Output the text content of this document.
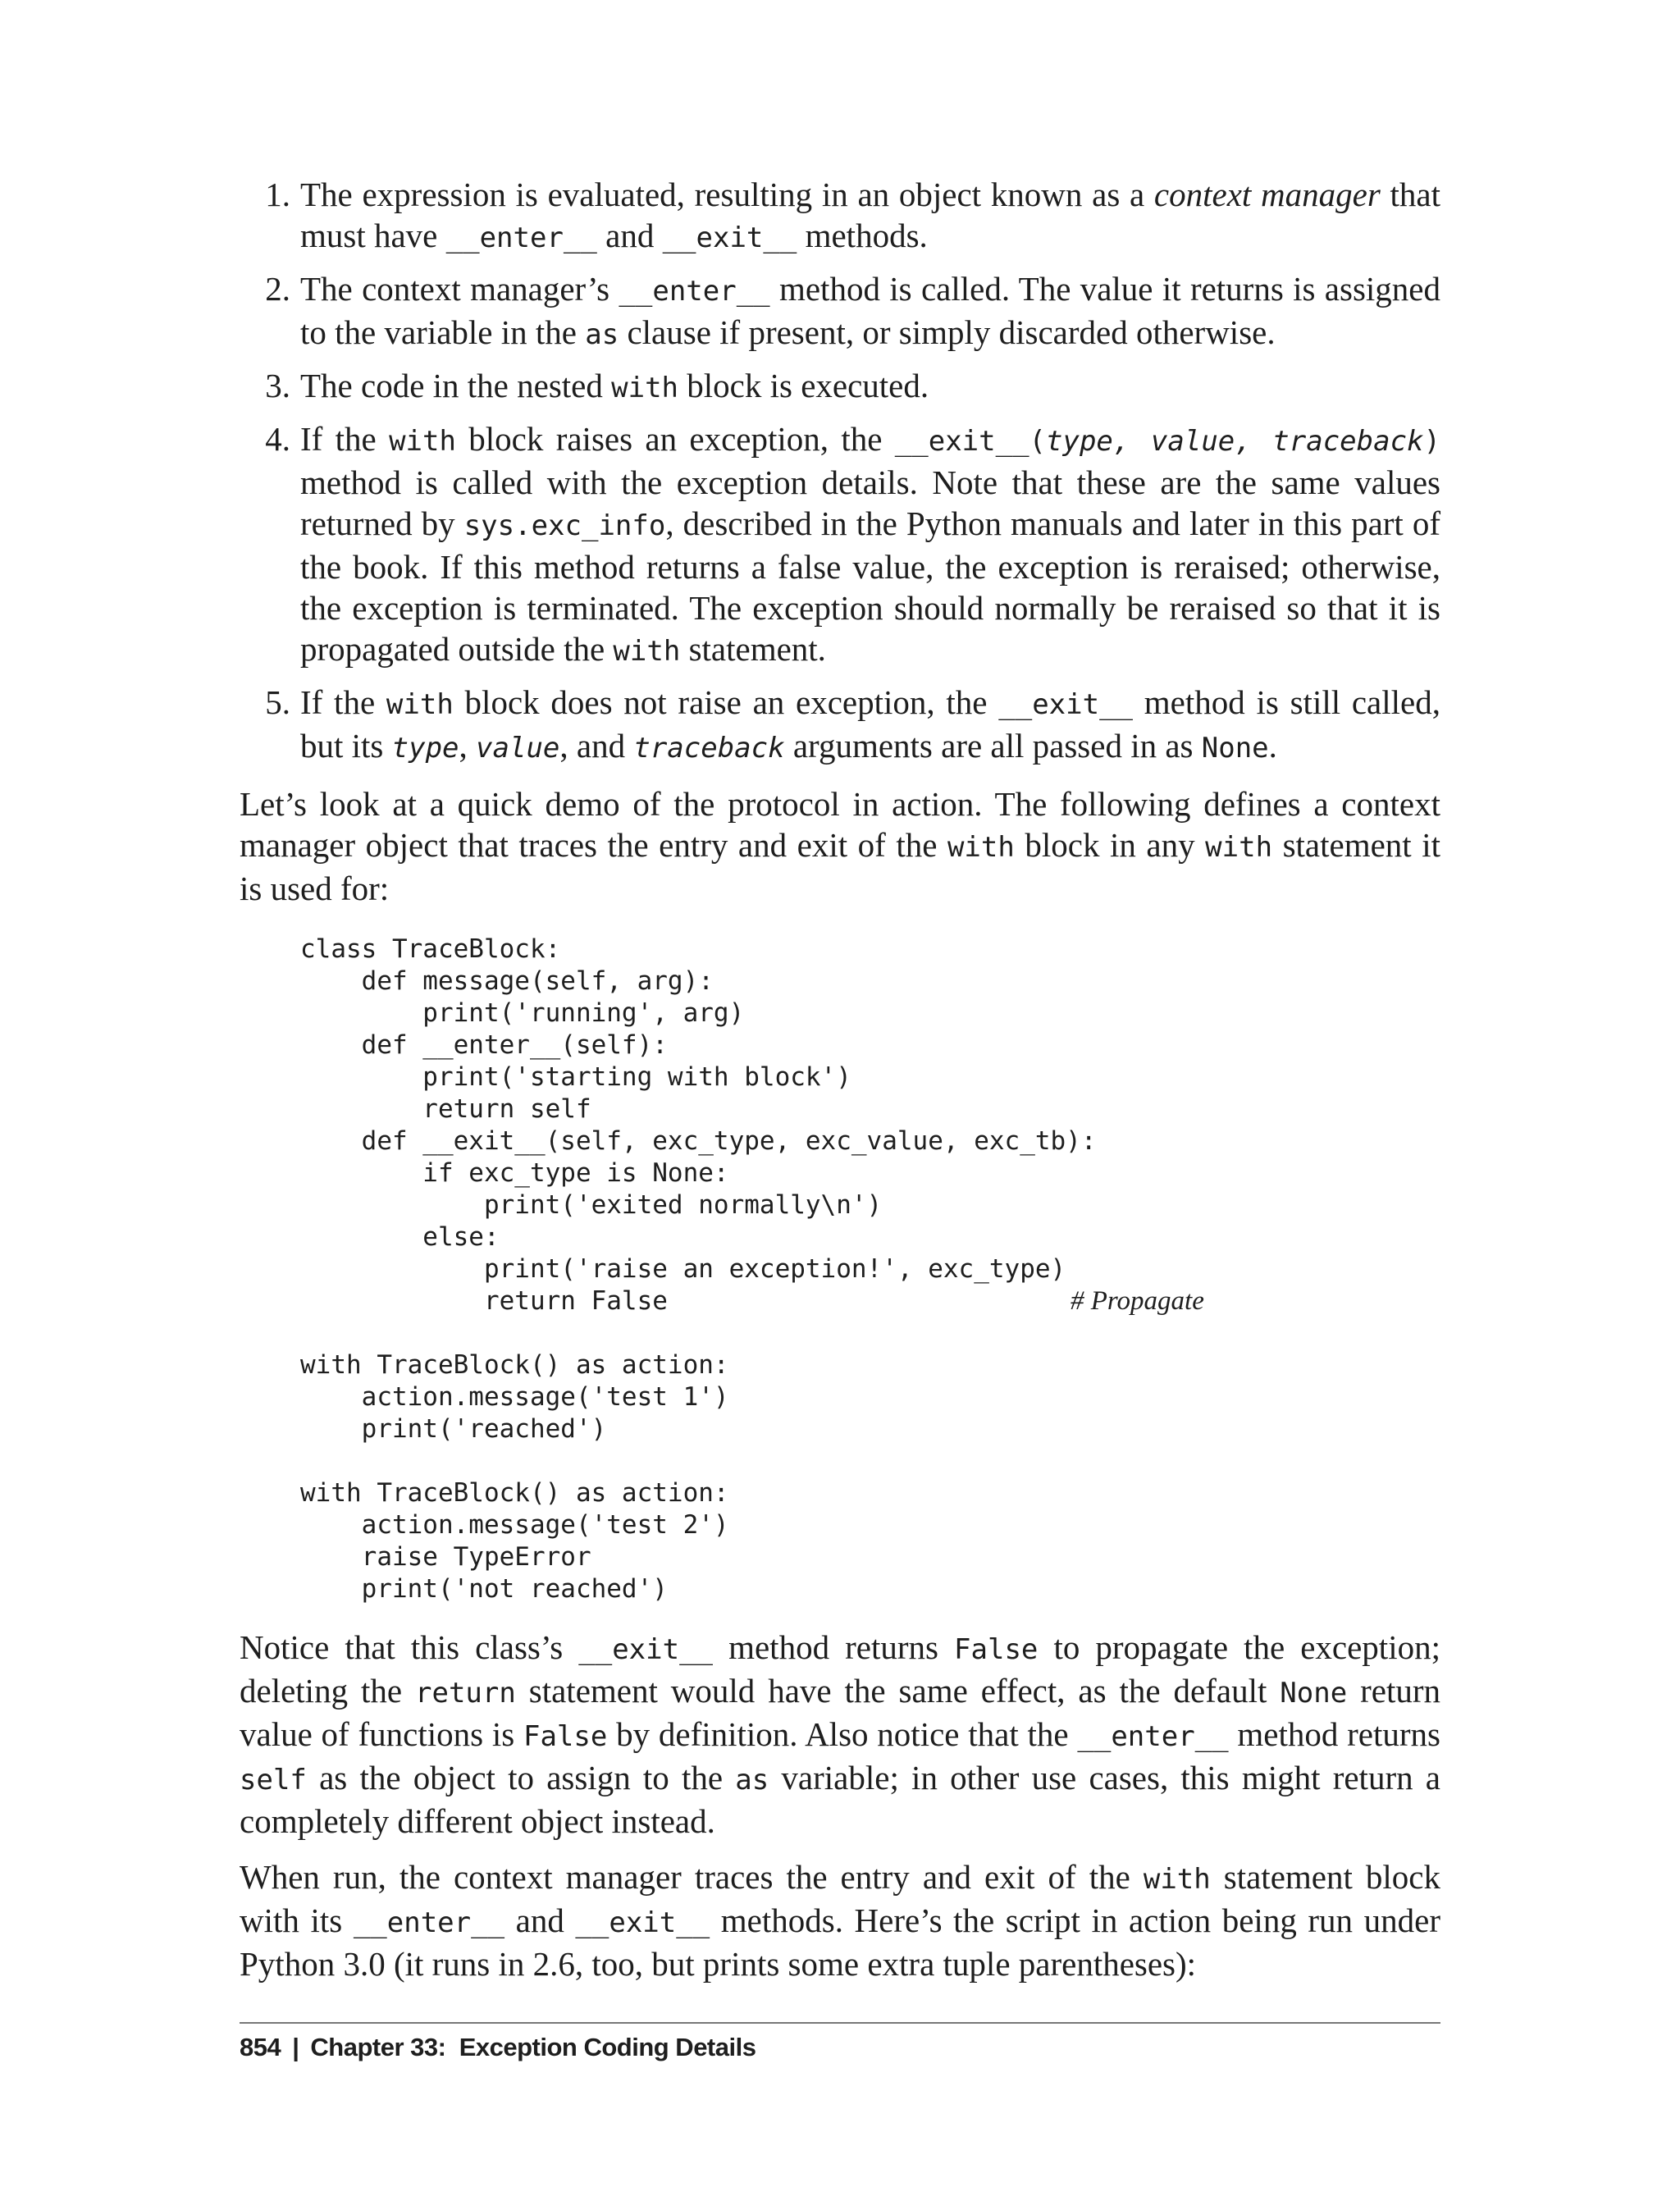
1. The expression is evaluated, resulting in an object known as a context manager that must have __enter__ and __exit__ methods.
2. The context manager’s __enter__ method is called. The value it returns is assigned to the variable in the as clause if present, or simply discarded otherwise.
3. The code in the nested with block is executed.
4. If the with block raises an exception, the __exit__(type, value, traceback) method is called with the exception details. Note that these are the same values returned by sys.exc_info, described in the Python manuals and later in this part of the book. If this method returns a false value, the exception is reraised; otherwise, the exception is terminated. The exception should normally be reraised so that it is propagated outside the with statement.
5. If the with block does not raise an exception, the __exit__ method is still called, but its type, value, and traceback arguments are all passed in as None.

Let’s look at a quick demo of the protocol in action. The following defines a context manager object that traces the entry and exit of the with block in any with statement it is used for:

class TraceBlock:
def message(self, arg):
print('running', arg)
def __enter__(self):
print('starting with block')
return self
def __exit__(self, exc_type, exc_value, exc_tb):
if exc_type is None:
print('exited normally\n')
else:
print('raise an exception!', exc_type)
return False	# Propagate
with TraceBlock() as action:
action.message('test 1')
print('reached')
with TraceBlock() as action:
action.message('test 2')
raise TypeError
print('not reached')

Notice that this class’s __exit__ method returns False to propagate the exception; deleting the return statement would have the same effect, as the default None return value of functions is False by definition. Also notice that the __enter__ method returns self as the object to assign to the as variable; in other use cases, this might return a completely different object instead.

When run, the context manager traces the entry and exit of the with statement block with its __enter__ and __exit__ methods. Here’s the script in action being run under Python 3.0 (it runs in 2.6, too, but prints some extra tuple parentheses):

854 | Chapter 33:  Exception Coding Details
